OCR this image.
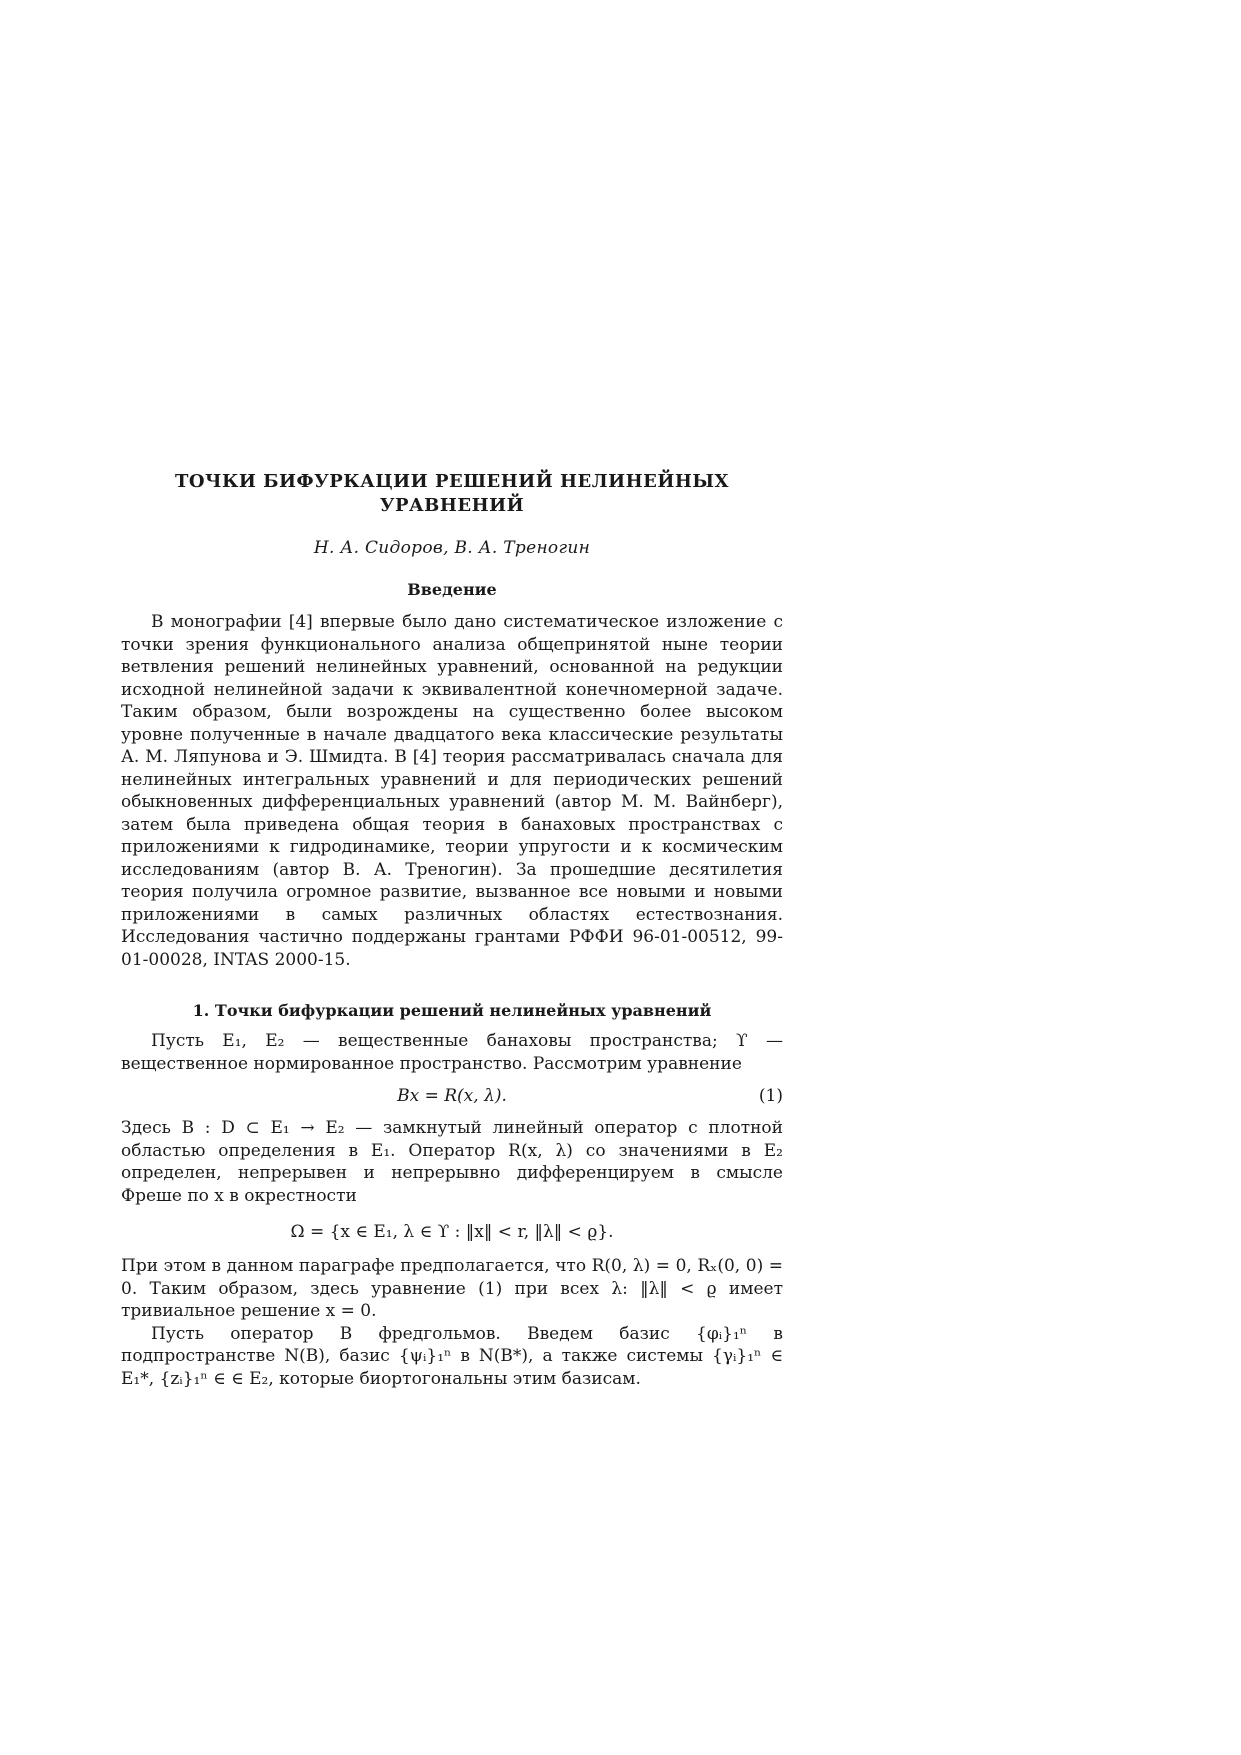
ТОЧКИ БИФУРКАЦИИ РЕШЕНИЙ НЕЛИНЕЙНЫХ
УРАВНЕНИЙ
Н. А. Сидоров, В. А. Треногин
Введение

В монографии [4] впервые было дано систематическое изложение с точки зрения функционального анализа общепринятой ныне теории ветвления решений нелинейных уравнений, основанной на редукции исходной нелинейной задачи к эквивалентной конечномерной задаче. Таким образом, были возрождены на существенно более высоком уровне полученные в начале двадцатого века классические результаты А. М. Ляпунова и Э. Шмидта. В [4] теория рассматривалась сначала для нелинейных интегральных уравнений и для периодических решений обыкновенных дифференциальных уравнений (автор М. М. Вайнберг), затем была приведена общая теория в банаховых пространствах с приложениями к гидродинамике, теории упругости и к космическим исследованиям (автор В. А. Треногин). За прошедшие десятилетия теория получила огромное развитие, вызванное все новыми и новыми приложениями в самых различных областях естествознания. Исследования частично поддержаны грантами РФФИ 96-01-00512, 99-01-00028, INTAS 2000-15.

1. Точки бифуркации решений нелинейных уравнений

Пусть E₁, E₂ — вещественные банаховы пространства; ϒ — вещественное нормированное пространство. Рассмотрим уравнение

Bx = R(x, λ).	(1)

Здесь B : D ⊂ E₁ → E₂ — замкнутый линейный оператор с плотной областью определения в E₁. Оператор R(x, λ) со значениями в E₂ определен, непрерывен и непрерывно дифференцируем в смысле Фреше по x в окрестности

Ω = {x ∈ E₁, λ ∈ ϒ : ‖x‖ < r, ‖λ‖ < ϱ}.

При этом в данном параграфе предполагается, что R(0, λ) = 0, Rₓ(0, 0) = 0. Таким образом, здесь уравнение (1) при всех λ: ‖λ‖ < ϱ имеет тривиальное решение x = 0.

Пусть оператор B фредгольмов. Введем базис {φᵢ}₁ⁿ в подпространстве N(B), базис {ψᵢ}₁ⁿ в N(B*), а также системы {γᵢ}₁ⁿ ∈ E₁*, {zᵢ}₁ⁿ ∈ ∈ E₂, которые биортогональны этим базисам.
